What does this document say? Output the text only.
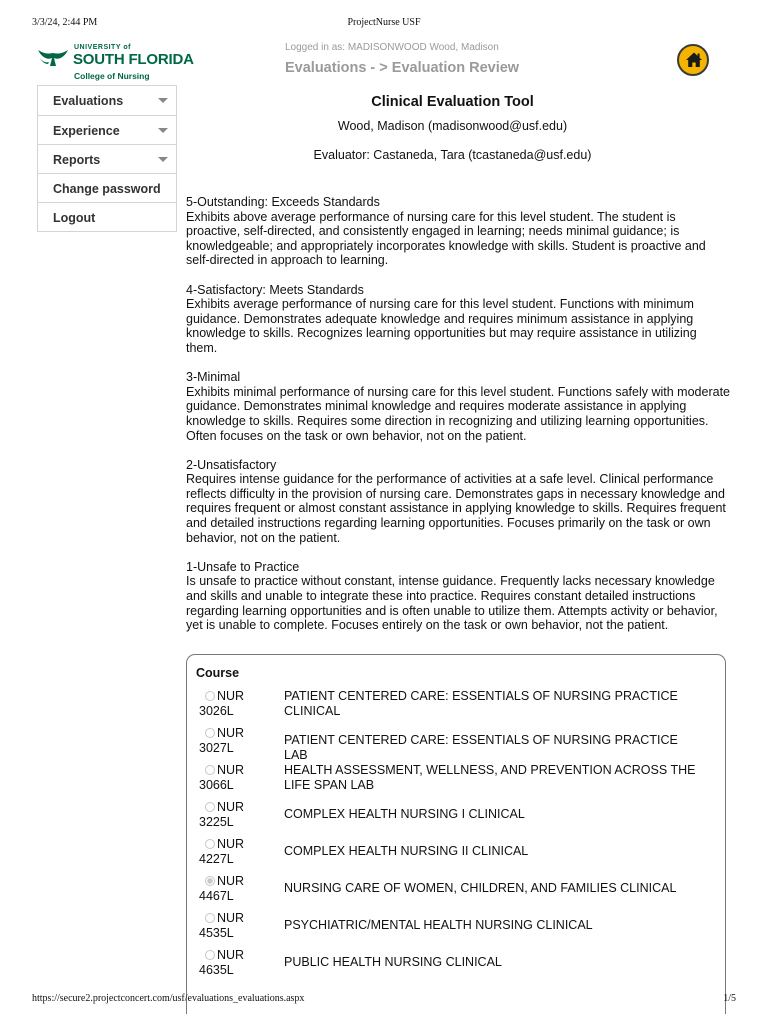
3/3/24, 2:44 PM	ProjectNurse USF
UNIVERSITY of
SOUTH FLORIDA
College of Nursing
Logged in as: MADISONWOOD Wood, Madison
Evaluations - > Evaluation Review
Evaluations
Experience
Reports
Change password
Logout
Clinical Evaluation Tool
Wood, Madison (madisonwood@usf.edu)
Evaluator: Castaneda, Tara (tcastaneda@usf.edu)

5-Outstanding: Exceeds Standards

Exhibits above average performance of nursing care for this level student. The student is proactive, self-directed, and consistently engaged in learning; needs minimal guidance; is knowledgeable; and appropriately incorporates knowledge with skills. Student is proactive and self-directed in approach to learning.

4-Satisfactory: Meets Standards

Exhibits average performance of nursing care for this level student. Functions with minimum guidance. Demonstrates adequate knowledge and requires minimum assistance in applying knowledge to skills. Recognizes learning opportunities but may require assistance in utilizing them.

3-Minimal

Exhibits minimal performance of nursing care for this level student. Functions safely with moderate guidance. Demonstrates minimal knowledge and requires moderate assistance in applying knowledge to skills. Requires some direction in recognizing and utilizing learning opportunities. Often focuses on the task or own behavior, not on the patient.

2-Unsatisfactory

Requires intense guidance for the performance of activities at a safe level. Clinical performance reflects difficulty in the provision of nursing care. Demonstrates gaps in necessary knowledge and requires frequent or almost constant assistance in applying knowledge to skills. Requires frequent and detailed instructions regarding learning opportunities. Focuses primarily on the task or own behavior, not on the patient.

1-Unsafe to Practice

Is unsafe to practice without constant, intense guidance. Frequently lacks necessary knowledge and skills and unable to integrate these into practice. Requires constant detailed instructions regarding learning opportunities and is often unable to utilize them. Attempts activity or behavior, yet is unable to complete. Focuses entirely on the task or own behavior, not the patient.

Course
NUR
3026L
PATIENT CENTERED CARE: ESSENTIALS OF NURSING PRACTICE CLINICAL
NUR
3027L
PATIENT CENTERED CARE: ESSENTIALS OF NURSING PRACTICE LAB
NUR
3066L
HEALTH ASSESSMENT, WELLNESS, AND PREVENTION ACROSS THE LIFE SPAN LAB
NUR
3225L
COMPLEX HEALTH NURSING I CLINICAL
NUR
4227L
COMPLEX HEALTH NURSING II CLINICAL
NUR
4467L
NURSING CARE OF WOMEN, CHILDREN, AND FAMILIES CLINICAL
NUR
4535L
PSYCHIATRIC/MENTAL HEALTH NURSING CLINICAL
NUR
4635L
PUBLIC HEALTH NURSING CLINICAL
https://secure2.projectconcert.com/usf/evaluations_evaluations.aspx	1/5
